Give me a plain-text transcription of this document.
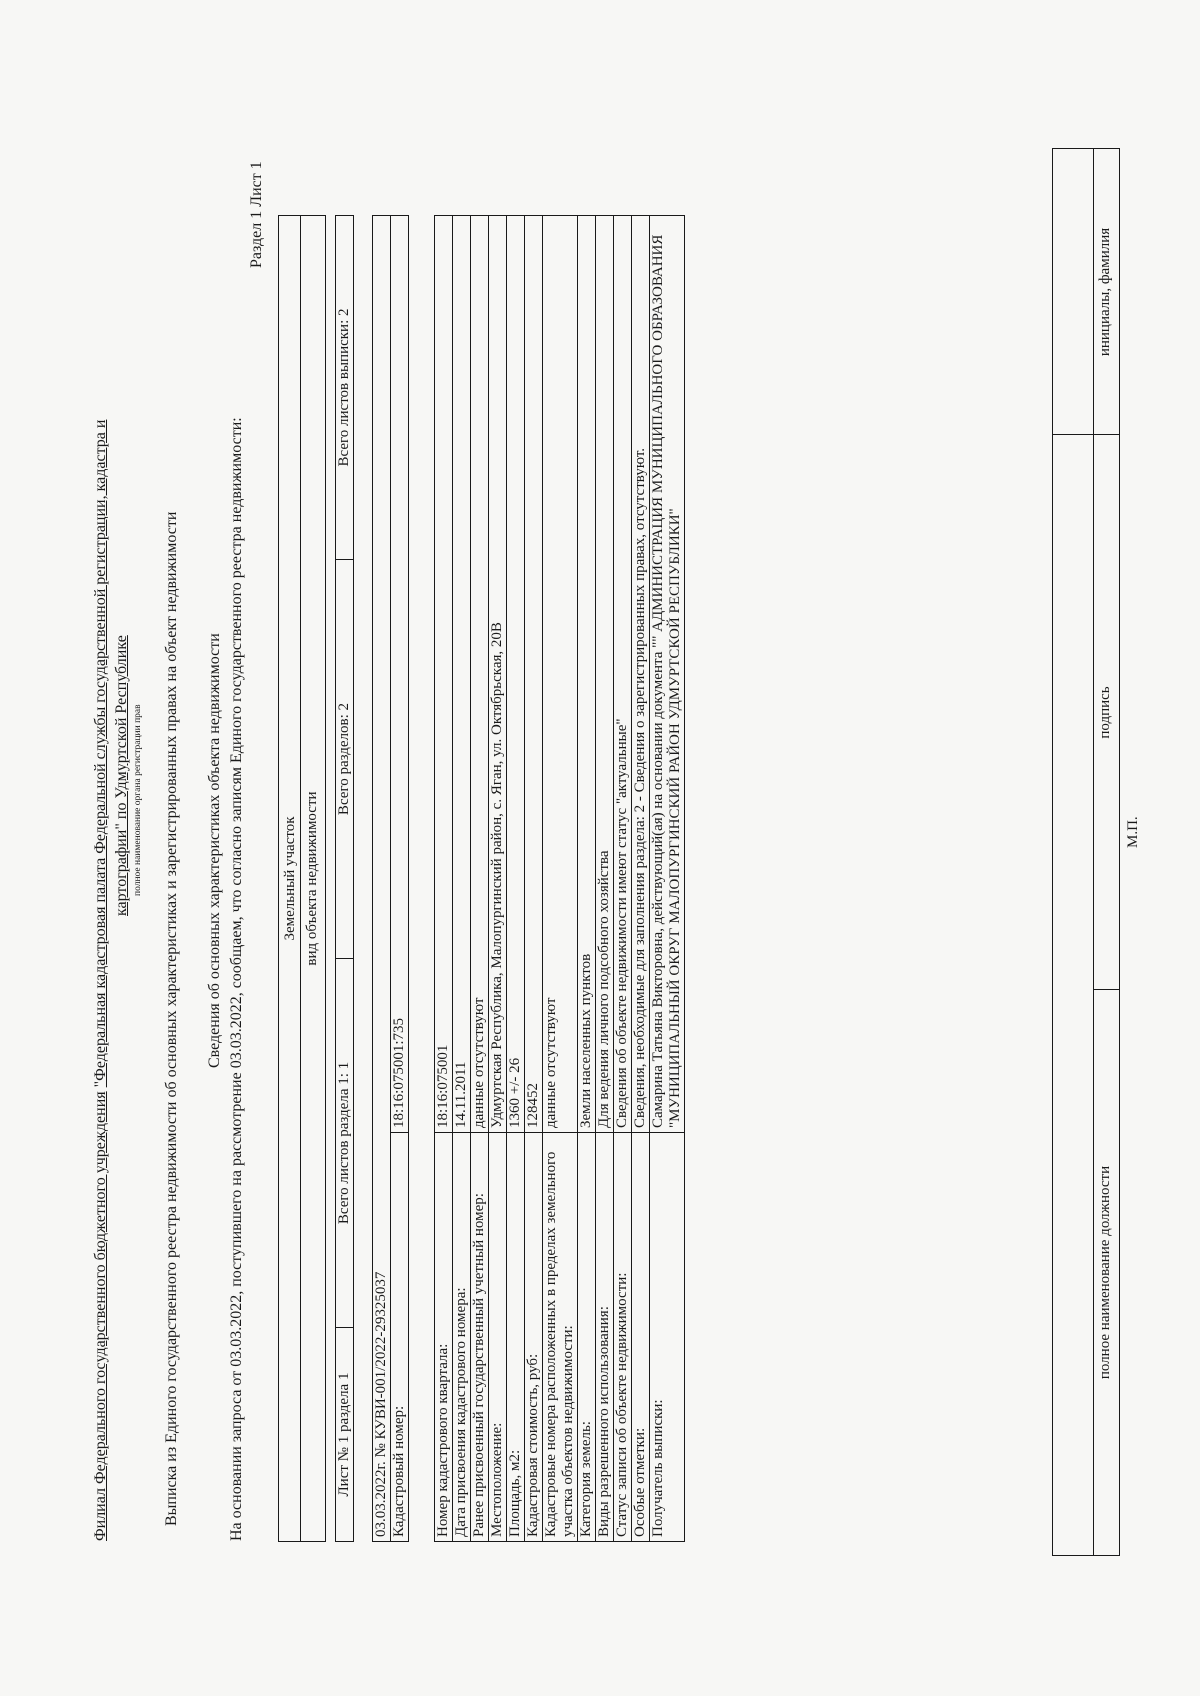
Филиал Федерального государственного бюджетного учреждения "Федеральная кадастровая палата Федеральной службы государственной регистрации, кадастра и картографии" по Удмуртской Республике полное наименование органа регистрации прав Выписка из Единого государственного реестра недвижимости об основных характеристиках и зарегистрированных правах на объект недвижимости Сведения об основных характеристиках объекта недвижимости На основании запроса от 03.03.2022, поступившего на рассмотрение 03.03.2022, сообщаем, что согласно записям Единого государственного реестра недвижимости:
Раздел 1 Лист 1
Земельный участок вид объекта недвижимости
Лист № 1 раздела 1	Всего листов раздела 1: 1	Всего разделов: 2	Всего листов выписки: 2
03.03.2022г. № КУВИ-001/2022-29325037
Кадастровый номер:	18:16:075001:735
Номер кадастрового квартала:	18:16:075001
Дата присвоения кадастрового номера:	14.11.2011
Ранее присвоенный государственный учетный номер:	данные отсутствуют
Местоположение:	Удмуртская Республика, Малопургинский район, с. Яган, ул. Октябрьская, 20В
Площадь, м2:	1360 +/- 26
Кадастровая стоимость, руб:	128452
Кадастровые номера расположенных в пределах земельного участка объектов недвижимости:	данные отсутствуют
Категория земель:	Земли населенных пунктов
Виды разрешенного использования:	Для ведения личного подсобного хозяйства
Статус записи об объекте недвижимости:	Сведения об объекте недвижимости имеют статус "актуальные"
Особые отметки:	Сведения, необходимые для заполнения раздела: 2 - Сведения о зарегистрированных правах, отсутствуют.
Получатель выписки:	Самарина Татьяна Викторовна, действующий(ая) на основании документа "" АДМИНИСТРАЦИЯ МУНИЦИПАЛЬНОГО ОБРАЗОВАНИЯ "МУНИЦИПАЛЬНЫЙ ОКРУГ МАЛОПУРГИНСКИЙ РАЙОН УДМУРТСКОЙ РЕСПУБЛИКИ"
полное наименование должности
подпись
инициалы, фамилия
М.П.
